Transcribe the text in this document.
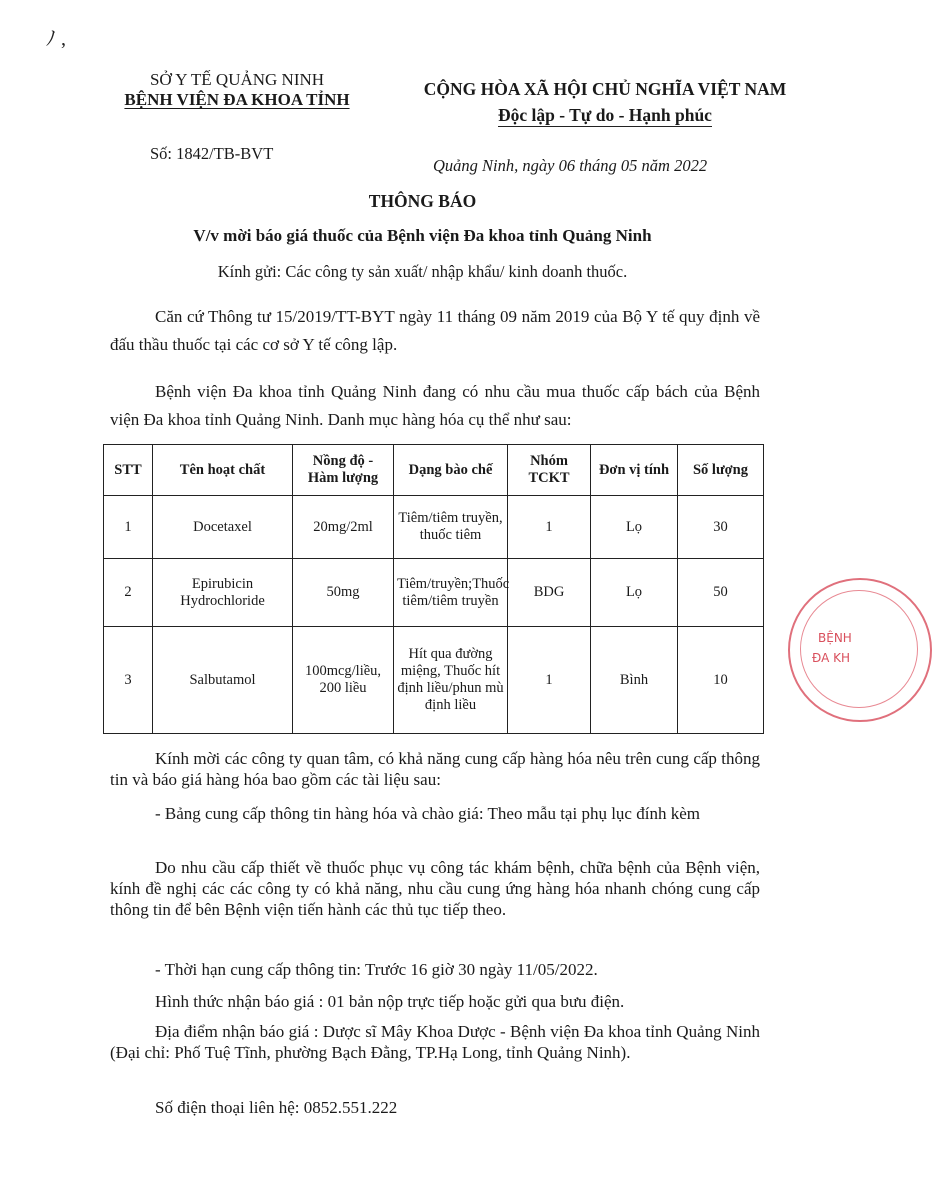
ﾉ ,
SỞ Y TẾ QUẢNG NINH
BỆNH VIỆN ĐA KHOA TỈNH
CỘNG HÒA XÃ HỘI CHỦ NGHĨA VIỆT NAM
Độc lập - Tự do - Hạnh phúc
Số: 1842/TB-BVT
Quảng Ninh, ngày 06 tháng 05 năm 2022
THÔNG BÁO
V/v mời báo giá thuốc của Bệnh viện Đa khoa tỉnh Quảng Ninh
Kính gửi: Các công ty sản xuất/ nhập khẩu/ kinh doanh thuốc.
Căn cứ Thông tư 15/2019/TT-BYT ngày 11 tháng 09 năm 2019 của Bộ Y tế quy định về đấu thầu thuốc tại các cơ sở Y tế công lập.
Bệnh viện Đa khoa tỉnh Quảng Ninh đang có nhu cầu mua thuốc cấp bách của Bệnh viện Đa khoa tỉnh Quảng Ninh. Danh mục hàng hóa cụ thể như sau:
STT	Tên hoạt chất	Nồng độ - Hàm lượng	Dạng bào chế	Nhóm TCKT	Đơn vị tính	Số lượng
1	Docetaxel	20mg/2ml	Tiêm/tiêm truyền, thuốc tiêm	1	Lọ	30
2	Epirubicin Hydrochloride	50mg	Tiêm/truyền;Thuốc tiêm/tiêm truyền	BDG	Lọ	50
3	Salbutamol	100mcg/liều, 200 liều	Hít qua đường miệng, Thuốc hít định liều/phun mù định liều	1	Bình	10
Kính mời các công ty quan tâm, có khả năng cung cấp hàng hóa nêu trên cung cấp thông tin và báo giá hàng hóa bao gồm các tài liệu sau:
- Bảng cung cấp thông tin hàng hóa và chào giá: Theo mẫu tại phụ lục đính kèm
Do nhu cầu cấp thiết về thuốc phục vụ công tác khám bệnh, chữa bệnh của Bệnh viện, kính đề nghị các các công ty có khả năng, nhu cầu cung ứng hàng hóa nhanh chóng cung cấp thông tin để bên Bệnh viện tiến hành các thủ tục tiếp theo.
- Thời hạn cung cấp thông tin: Trước 16 giờ 30 ngày 11/05/2022.
Hình thức nhận báo giá : 01 bản nộp trực tiếp hoặc gửi qua bưu điện.
Địa điểm nhận báo giá : Dược sĩ Mây Khoa Dược - Bệnh viện Đa khoa tỉnh Quảng Ninh (Đại chỉ: Phố Tuệ Tĩnh, phường Bạch Đằng, TP.Hạ Long, tỉnh Quảng Ninh).
Số điện thoại liên hệ: 0852.551.222
BỆNH
ĐA KH
